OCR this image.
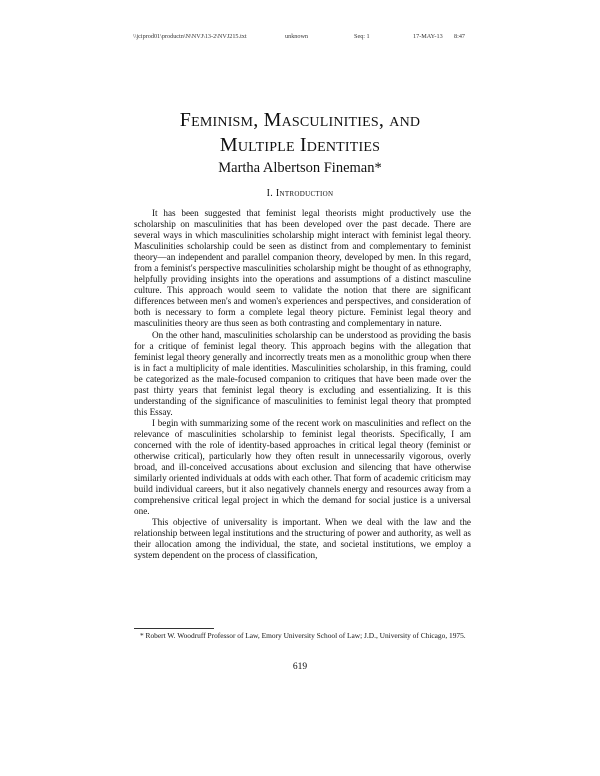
\\jciprod01\productn\N\NVJ\13-2\NVJ215.txt	unknown	Seq: 1	17-MAY-13 8:47
Feminism, Masculinities, and
Multiple Identities
Martha Albertson Fineman*
I. Introduction

It has been suggested that feminist legal theorists might productively use the scholarship on masculinities that has been developed over the past decade. There are several ways in which masculinities scholarship might interact with feminist legal theory. Masculinities scholarship could be seen as distinct from and complementary to feminist theory—an independent and parallel companion theory, developed by men. In this regard, from a feminist's perspective masculinities scholarship might be thought of as ethnography, helpfully providing insights into the operations and assumptions of a distinct masculine culture. This approach would seem to validate the notion that there are significant differences between men's and women's experiences and perspectives, and consideration of both is necessary to form a complete legal theory picture. Feminist legal theory and masculinities theory are thus seen as both contrasting and complementary in nature.

On the other hand, masculinities scholarship can be understood as providing the basis for a critique of feminist legal theory. This approach begins with the allegation that feminist legal theory generally and incorrectly treats men as a monolithic group when there is in fact a multiplicity of male identities. Masculinities scholarship, in this framing, could be categorized as the male-focused companion to critiques that have been made over the past thirty years that feminist legal theory is excluding and essentializing. It is this understanding of the significance of masculinities to feminist legal theory that prompted this Essay.

I begin with summarizing some of the recent work on masculinities and reflect on the relevance of masculinities scholarship to feminist legal theorists. Specifically, I am concerned with the role of identity-based approaches in critical legal theory (feminist or otherwise critical), particularly how they often result in unnecessarily vigorous, overly broad, and ill-conceived accusations about exclusion and silencing that have otherwise similarly oriented individuals at odds with each other. That form of academic criticism may build individual careers, but it also negatively channels energy and resources away from a comprehensive critical legal project in which the demand for social justice is a universal one.

This objective of universality is important. When we deal with the law and the relationship between legal institutions and the structuring of power and authority, as well as their allocation among the individual, the state, and societal institutions, we employ a system dependent on the process of classification,

* Robert W. Woodruff Professor of Law, Emory University School of Law; J.D., University of Chicago, 1975.

619
